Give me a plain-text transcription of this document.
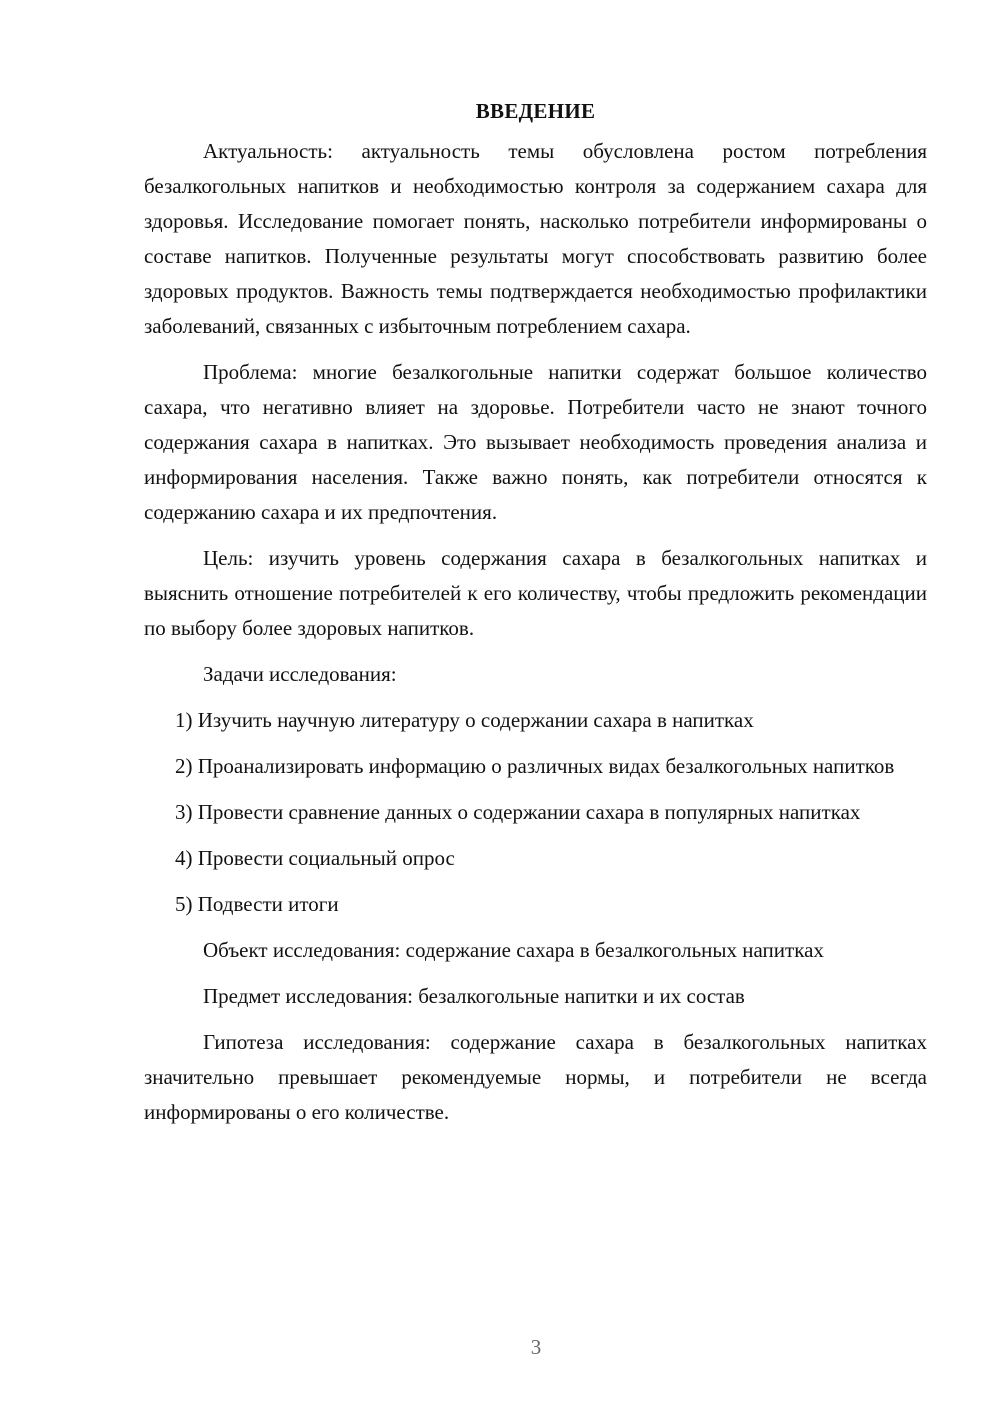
ВВЕДЕНИЕ

Актуальность: актуальность темы обусловлена ростом потребления безалкогольных напитков и необходимостью контроля за содержанием сахара для здоровья. Исследование помогает понять, насколько потребители информированы о составе напитков. Полученные результаты могут способствовать развитию более здоровых продуктов. Важность темы подтверждается необходимостью профилактики заболеваний, связанных с избыточным потреблением сахара.

Проблема: многие безалкогольные напитки содержат большое количество сахара, что негативно влияет на здоровье. Потребители часто не знают точного содержания сахара в напитках. Это вызывает необходимость проведения анализа и информирования населения. Также важно понять, как потребители относятся к содержанию сахара и их предпочтения.

Цель: изучить уровень содержания сахара в безалкогольных напитках и выяснить отношение потребителей к его количеству, чтобы предложить рекомендации по выбору более здоровых напитков.

Задачи исследования:

1) Изучить научную литературу о содержании сахара в напитках

2) Проанализировать информацию о различных видах безалкогольных напитков

3) Провести сравнение данных о содержании сахара в популярных напитках

4) Провести социальный опрос

5) Подвести итоги

Объект исследования: содержание сахара в безалкогольных напитках

Предмет исследования: безалкогольные напитки и их состав

Гипотеза исследования: содержание сахара в безалкогольных напитках значительно превышает рекомендуемые нормы, и потребители не всегда информированы о его количестве.

3
